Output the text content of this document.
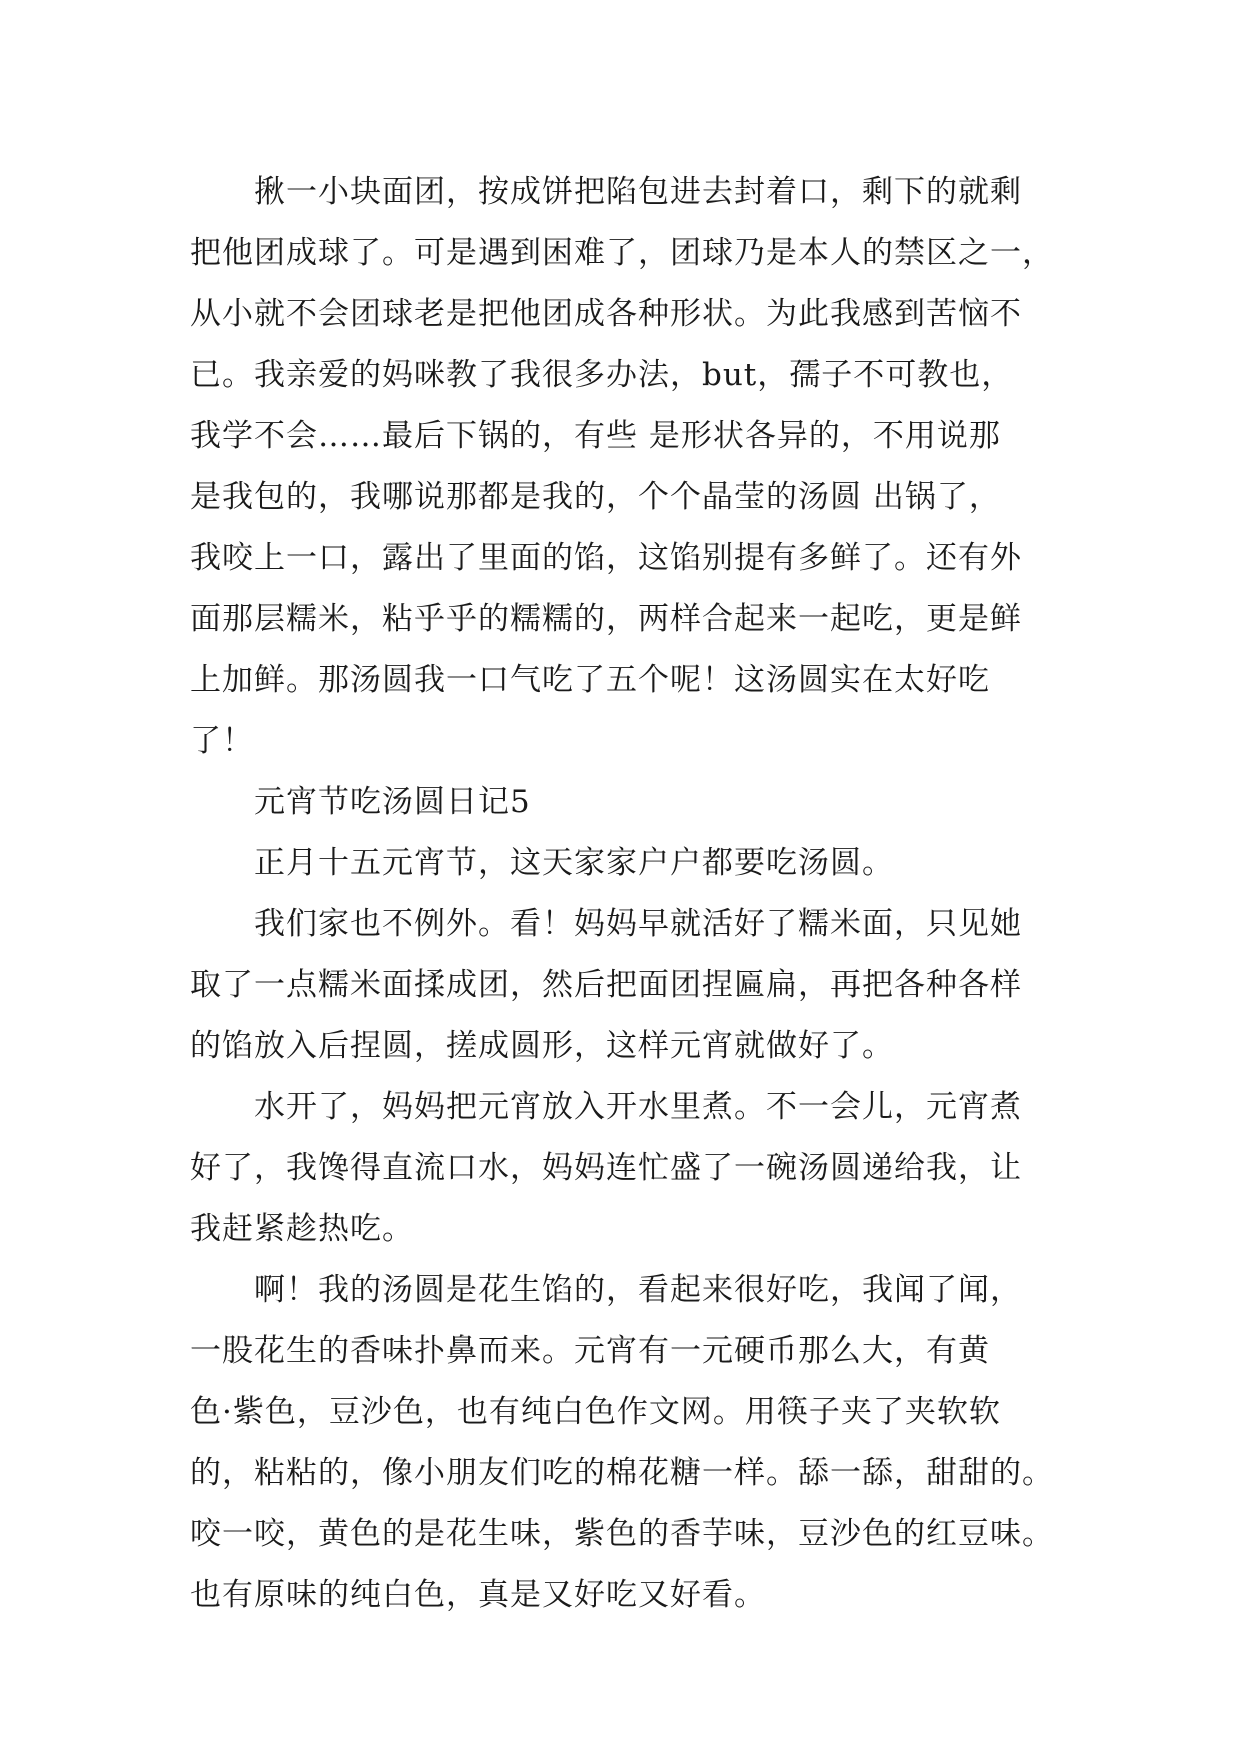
　　揪一小块面团，按成饼把陷包进去封着口，剩下的就剩
把他团成球了。可是遇到困难了，团球乃是本人的禁区之一，
从小就不会团球老是把他团成各种形状。为此我感到苦恼不
已。我亲爱的妈咪教了我很多办法，but，孺子不可教也，
我学不会……最后下锅的，有些 是形状各异的，不用说那
是我包的，我哪说那都是我的，个个晶莹的汤圆 出锅了，
我咬上一口，露出了里面的馅，这馅别提有多鲜了。还有外
面那层糯米，粘乎乎的糯糯的，两样合起来一起吃，更是鲜
上加鲜。那汤圆我一口气吃了五个呢！这汤圆实在太好吃
了！
　　元宵节吃汤圆日记5
　　正月十五元宵节，这天家家户户都要吃汤圆。
　　我们家也不例外。看！妈妈早就活好了糯米面，只见她
取了一点糯米面揉成团，然后把面团捏匾扁，再把各种各样
的馅放入后捏圆，搓成圆形，这样元宵就做好了。
　　水开了，妈妈把元宵放入开水里煮。不一会儿，元宵煮
好了，我馋得直流口水，妈妈连忙盛了一碗汤圆递给我，让
我赶紧趁热吃。
　　啊！我的汤圆是花生馅的，看起来很好吃，我闻了闻，
一股花生的香味扑鼻而来。元宵有一元硬币那么大，有黄
色·紫色，豆沙色，也有纯白色作文网。用筷子夹了夹软软
的，粘粘的，像小朋友们吃的棉花糖一样。舔一舔，甜甜的。
咬一咬，黄色的是花生味，紫色的香芋味，豆沙色的红豆味。
也有原味的纯白色，真是又好吃又好看。
